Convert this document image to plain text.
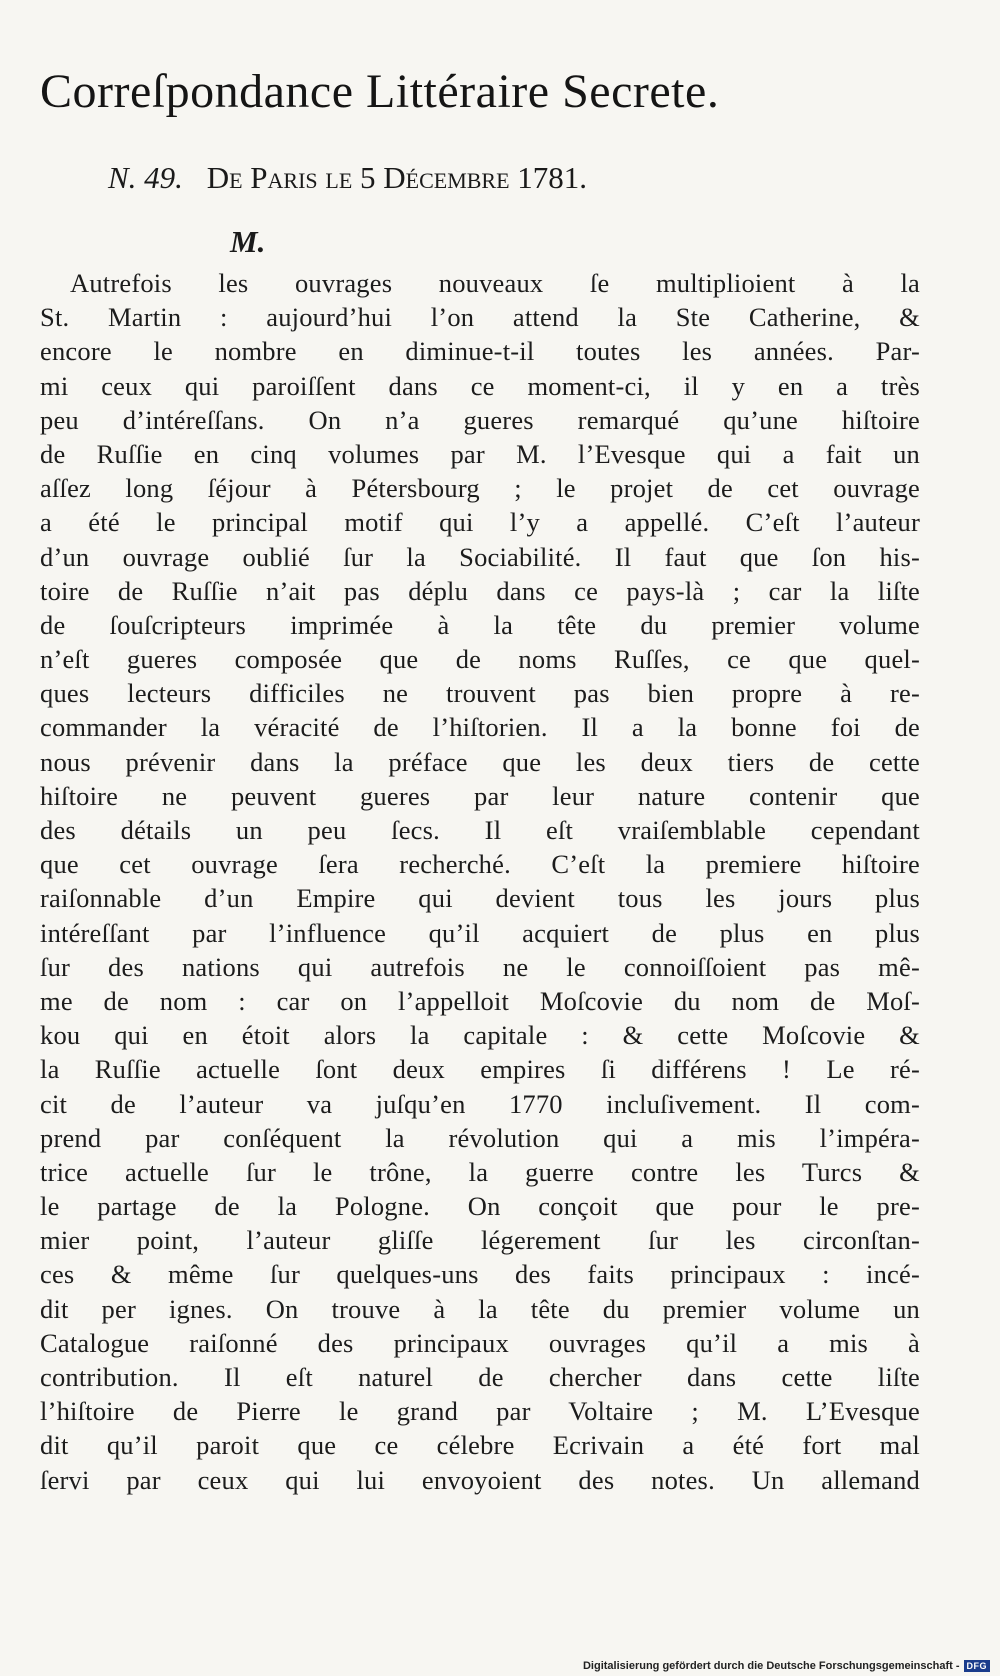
Correſpondance Littéraire Secrete.
N. 49. De Paris le 5 Décembre 1781.
M.
Autrefois les ouvrages nouveaux ſe multiplioient à la
St. Martin : aujourd’hui l’on attend la Ste Catherine, &
encore le nombre en diminue-t-il toutes les années. Par-
mi ceux qui paroiſſent dans ce moment-ci, il y en a très
peu d’intéreſſans. On n’a gueres remarqué qu’une hiſtoire
de Ruſſie en cinq volumes par M. l’Evesque qui a fait un
aſſez long ſéjour à Pétersbourg ; le projet de cet ouvrage
a été le principal motif qui l’y a appellé. C’eſt l’auteur
d’un ouvrage oublié ſur la Sociabilité. Il faut que ſon his-
toire de Ruſſie n’ait pas déplu dans ce pays-là ; car la liſte
de ſouſcripteurs imprimée à la tête du premier volume
n’eſt gueres composée que de noms Ruſſes, ce que quel-
ques lecteurs difficiles ne trouvent pas bien propre à re-
commander la véracité de l’hiſtorien. Il a la bonne foi de
nous prévenir dans la préface que les deux tiers de cette
hiſtoire ne peuvent gueres par leur nature contenir que
des détails un peu ſecs. Il eſt vraiſemblable cependant
que cet ouvrage ſera recherché. C’eſt la premiere hiſtoire
raiſonnable d’un Empire qui devient tous les jours plus
intéreſſant par l’influence qu’il acquiert de plus en plus
ſur des nations qui autrefois ne le connoiſſoient pas mê-
me de nom : car on l’appelloit Moſcovie du nom de Moſ-
kou qui en étoit alors la capitale : & cette Moſcovie &
la Ruſſie actuelle ſont deux empires ſi différens ! Le ré-
cit de l’auteur va juſqu’en 1770 incluſivement. Il com-
prend par conſéquent la révolution qui a mis l’impéra-
trice actuelle ſur le trône, la guerre contre les Turcs &
le partage de la Pologne. On conçoit que pour le pre-
mier point, l’auteur gliſſe légerement ſur les circonſtan-
ces & même ſur quelques-uns des faits principaux : incé-
dit per ignes. On trouve à la tête du premier volume un
Catalogue raiſonné des principaux ouvrages qu’il a mis à
contribution. Il eſt naturel de chercher dans cette liſte
l’hiſtoire de Pierre le grand par Voltaire ; M. L’Evesque
dit qu’il paroit que ce célebre Ecrivain a été fort mal
ſervi par ceux qui lui envoyoient des notes. Un allemand
Digitalisierung gefördert durch die Deutsche Forschungsgemeinschaft - DFG
